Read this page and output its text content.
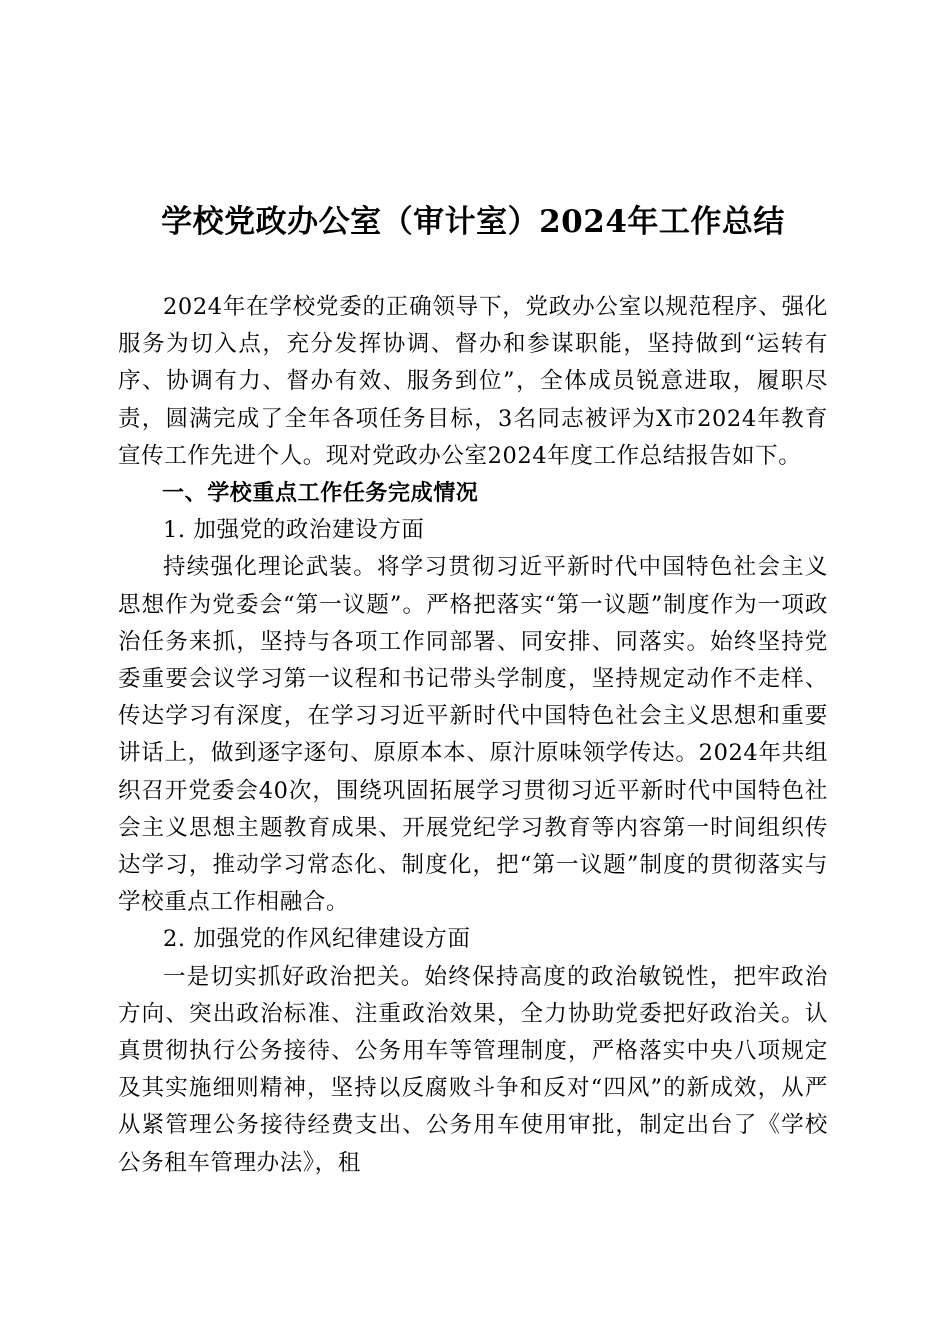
学校党政办公室（审计室）2024年工作总结

2024年在学校党委的正确领导下，党政办公室以规范程序、强化服务为切入点，充分发挥协调、督办和参谋职能，坚持做到“运转有序、协调有力、督办有效、服务到位”，全体成员锐意进取，履职尽责，圆满完成了全年各项任务目标，3名同志被评为X市2024年教育宣传工作先进个人。现对党政办公室2024年度工作总结报告如下。

一、学校重点工作任务完成情况

1. 加强党的政治建设方面

持续强化理论武装。将学习贯彻习近平新时代中国特色社会主义思想作为党委会“第一议题”。严格把落实“第一议题”制度作为一项政治任务来抓，坚持与各项工作同部署、同安排、同落实。始终坚持党委重要会议学习第一议程和书记带头学制度，坚持规定动作不走样、传达学习有深度，在学习习近平新时代中国特色社会主义思想和重要讲话上，做到逐字逐句、原原本本、原汁原味领学传达。2024年共组织召开党委会40次，围绕巩固拓展学习贯彻习近平新时代中国特色社会主义思想主题教育成果、开展党纪学习教育等内容第一时间组织传达学习，推动学习常态化、制度化，把“第一议题”制度的贯彻落实与学校重点工作相融合。

2. 加强党的作风纪律建设方面

一是切实抓好政治把关。始终保持高度的政治敏锐性，把牢政治方向、突出政治标准、注重政治效果，全力协助党委把好政治关。认真贯彻执行公务接待、公务用车等管理制度，严格落实中央八项规定及其实施细则精神，坚持以反腐败斗争和反对“四风”的新成效，从严从紧管理公务接待经费支出、公务用车使用审批，制定出台了《学校公务租车管理办法》，租
